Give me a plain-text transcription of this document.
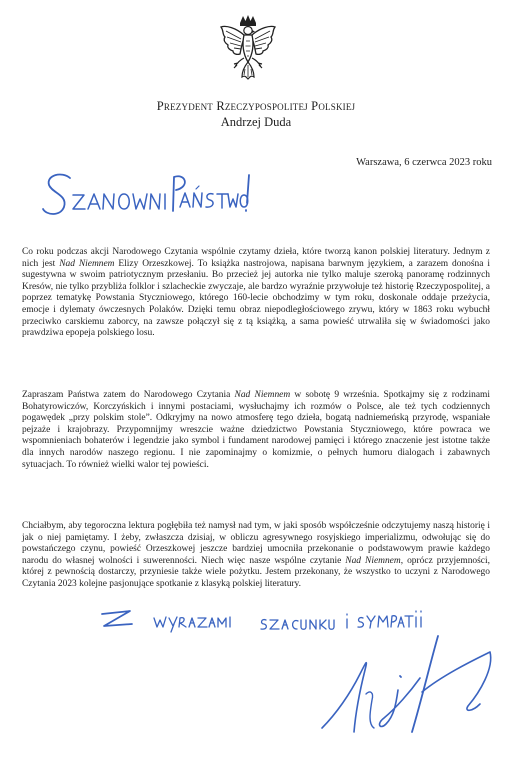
Prezydent Rzeczypospolitej Polskiej
Andrzej Duda
Warszawa, 6 czerwca 2023 roku

Co roku podczas akcji Narodowego Czytania wspólnie czytamy dzieła, które tworzą kanon polskiej literatury. Jednym z nich jest Nad Niemnem Elizy Orzeszkowej. To książka nastrojowa, napisana barwnym językiem, a zarazem donośna i sugestywna w swoim patriotycznym przesłaniu. Bo przecież jej autorka nie tylko maluje szeroką panoramę rodzinnych Kresów, nie tylko przybliża folklor i szlacheckie zwyczaje, ale bardzo wyraźnie przywołuje też historię Rzeczypospolitej, a poprzez tematykę Powstania Styczniowego, którego 160-lecie obchodzimy w tym roku, doskonale oddaje przeżycia, emocje i dylematy ówczesnych Polaków. Dzięki temu obraz niepodległościowego zrywu, który w 1863 roku wybuchł przeciwko carskiemu zaborcy, na zawsze połączył się z tą książką, a sama powieść utrwaliła się w świadomości jako prawdziwa epopeja polskiego losu.

Zapraszam Państwa zatem do Narodowego Czytania Nad Niemnem w sobotę 9 września. Spotkajmy się z rodzinami Bohatyrowiczów, Korczyńskich i innymi postaciami, wysłuchajmy ich rozmów o Polsce, ale też tych codziennych pogawędek „przy polskim stole”. Odkryjmy na nowo atmosferę tego dzieła, bogatą nadniemeńską przyrodę, wspaniałe pejzaże i krajobrazy. Przypomnijmy wreszcie ważne dziedzictwo Powstania Styczniowego, które powraca we wspomnieniach bohaterów i legendzie jako symbol i fundament narodowej pamięci i którego znaczenie jest istotne także dla innych narodów naszego regionu. I nie zapominajmy o komizmie, o pełnych humoru dialogach i zabawnych sytuacjach. To również wielki walor tej powieści.

Chciałbym, aby tegoroczna lektura pogłębiła też namysł nad tym, w jaki sposób współcześnie odczytujemy naszą historię i jak o niej pamiętamy. I żeby, zwłaszcza dzisiaj, w obliczu agresywnego rosyjskiego imperializmu, odwołując się do powstańczego czynu, powieść Orzeszkowej jeszcze bardziej umocniła przekonanie o podstawowym prawie każdego narodu do własnej wolności i suwerenności. Niech więc nasze wspólne czytanie Nad Niemnem, oprócz przyjemności, której z pewnością dostarczy, przyniesie także wiele pożytku. Jestem przekonany, że wszystko to uczyni z Narodowego Czytania 2023 kolejne pasjonujące spotkanie z klasyką polskiej literatury.
